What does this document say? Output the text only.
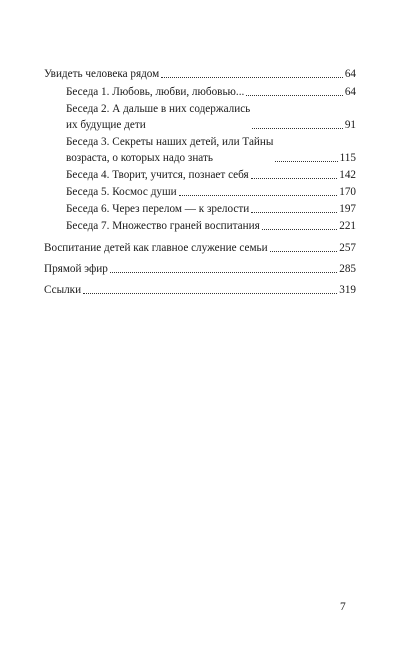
Увидеть человека рядом	64
Беседа 1. Любовь, любви, любовью...	64
Беседа 2. А дальше в них содержались
их будущие дети	91
Беседа 3. Секреты наших детей, или Тайны
возраста, о которых надо знать	115
Беседа 4. Творит, учится, познает себя	142
Беседа 5. Космос души	170
Беседа 6. Через перелом — к зрелости	197
Беседа 7. Множество граней воспитания	221
Воспитание детей как главное служение семьи	257
Прямой эфир	285
Ссылки	319
7
